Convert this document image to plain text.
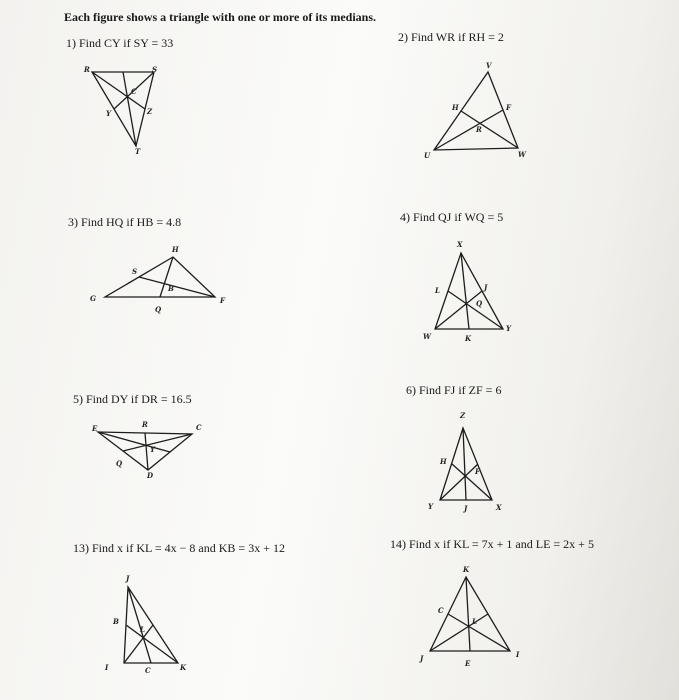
Each figure shows a triangle with one or more of its medians.

1) Find CY if SY = 33

R	S
C
Y	Z
T

2) Find WR if RH = 2

V
H	F
R
U	W

3) Find HQ if HB = 4.8

H
S
B
G
Q
F

4) Find QJ if WQ = 5

X
L	J
Q
W	K
Y

5) Find DY if DR = 16.5

E	R	C
Y
Q
D

6) Find FJ if ZF = 6

Z
H
F
Y	J	X

13) Find x if KL = 4x − 8 and KB = 3x + 12

J
B
L
I	C	K

14) Find x if KL = 7x + 1 and LE = 2x + 5

K
C
L
J
E
I
